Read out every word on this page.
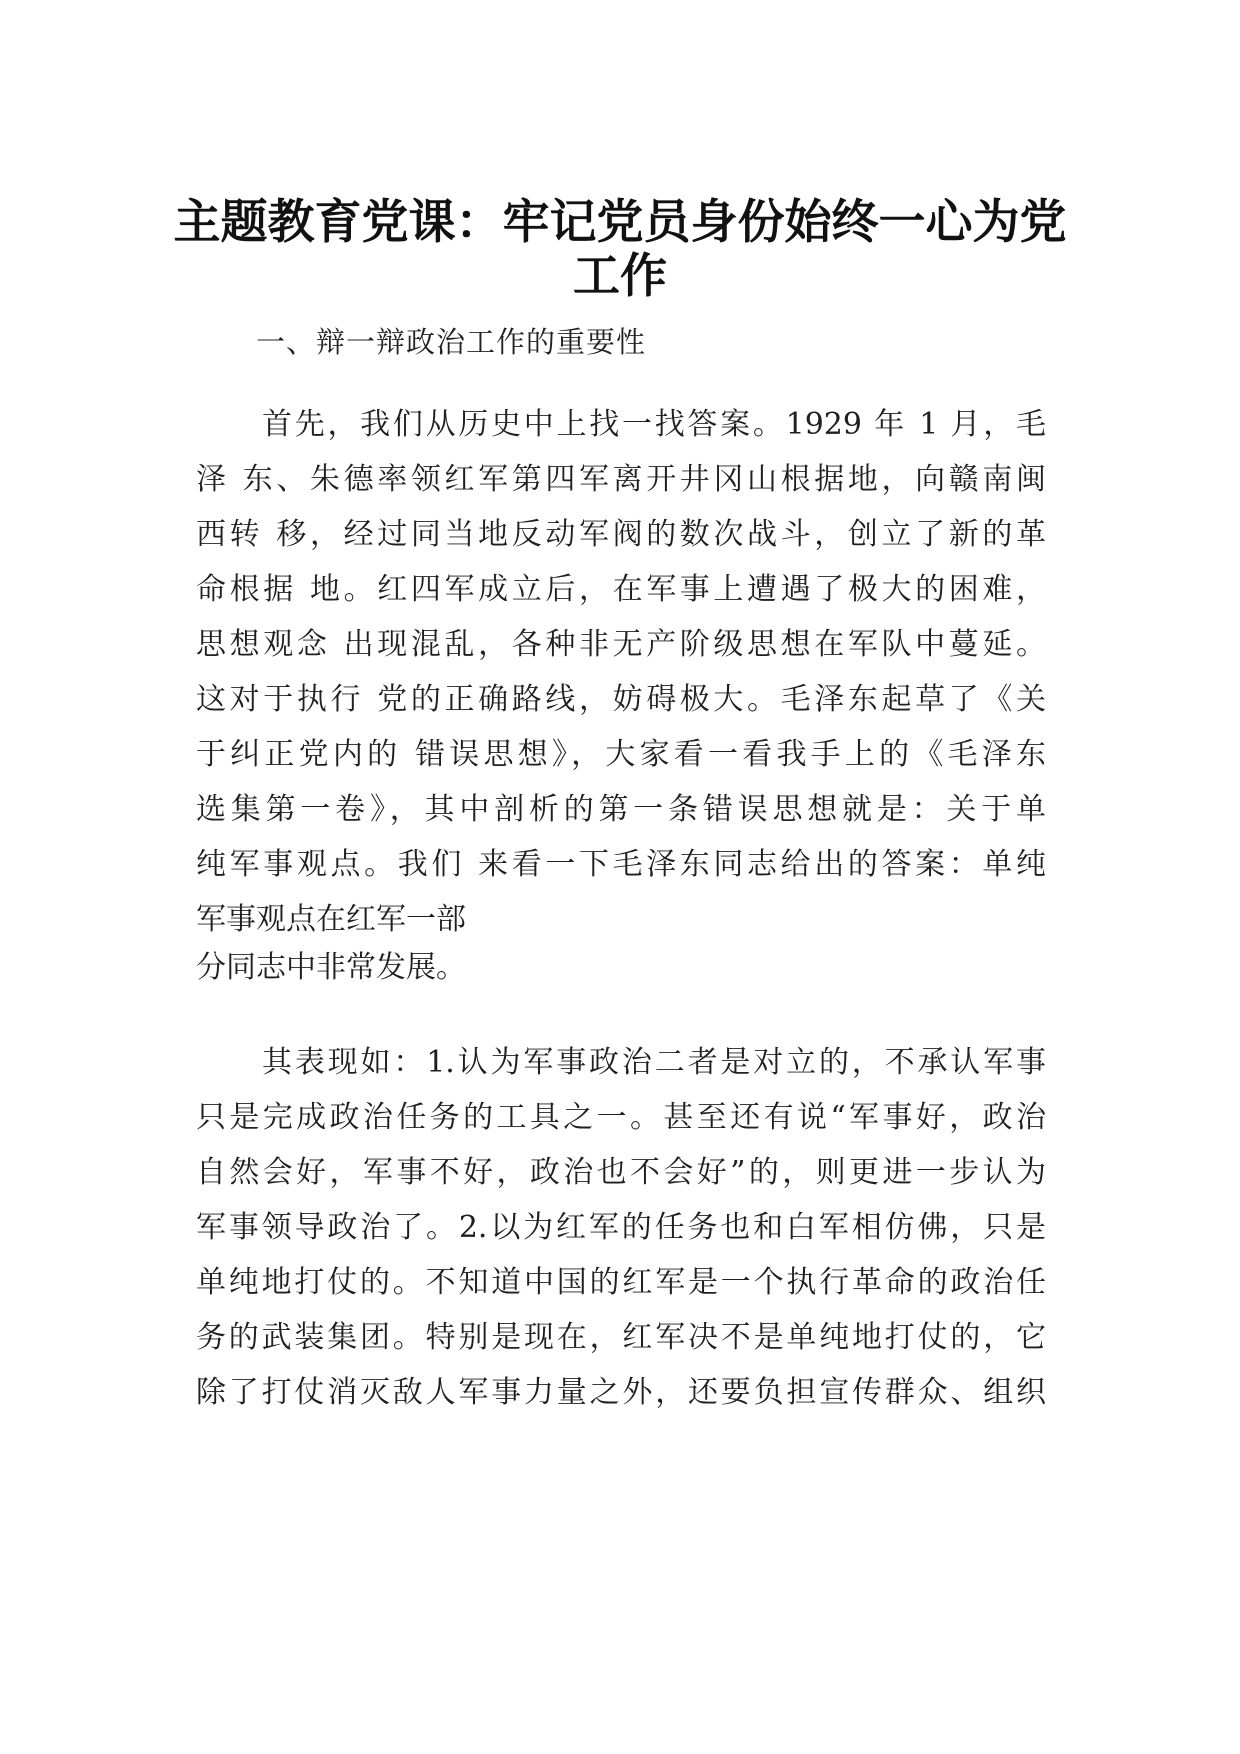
主题教育党课：牢记党员身份始终一心为党
工作

一、辩一辩政治工作的重要性

首先，我们从历史中上找一找答案。1929 年 1 月，毛

泽 东、朱德率领红军第四军离开井冈山根据地，向赣南闽

西转 移，经过同当地反动军阀的数次战斗，创立了新的革

命根据 地。红四军成立后，在军事上遭遇了极大的困难，

思想观念 出现混乱，各种非无产阶级思想在军队中蔓延。

这对于执行 党的正确路线，妨碍极大。毛泽东起草了《关

于纠正党内的 错误思想》，大家看一看我手上的《毛泽东

选集第一卷》，其中剖析的第一条错误思想就是：关于单

纯军事观点。我们 来看一下毛泽东同志给出的答案：单纯

军事观点在红军一部

分同志中非常发展。

其表现如：1.认为军事政治二者是对立的，不承认军事

只是完成政治任务的工具之一。甚至还有说“军事好，政治

自然会好，军事不好，政治也不会好”的，则更进一步认为

军事领导政治了。2.以为红军的任务也和白军相仿佛，只是

单纯地打仗的。不知道中国的红军是一个执行革命的政治任

务的武装集团。特别是现在，红军决不是单纯地打仗的，它

除了打仗消灭敌人军事力量之外，还要负担宣传群众、组织
